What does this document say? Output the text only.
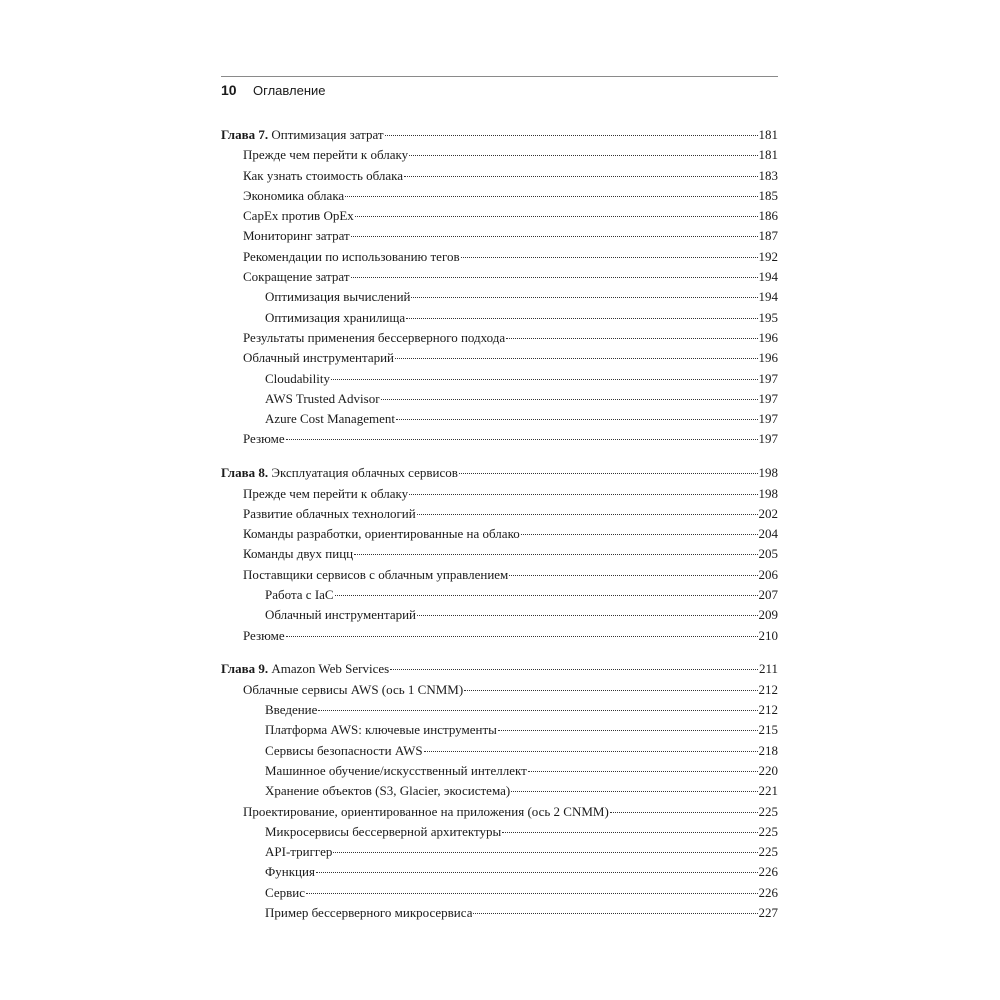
10 Оглавление
Глава 7. Оптимизация затрат	181
Прежде чем перейти к облаку	181
Как узнать стоимость облака	183
Экономика облака	185
CapEx против OpEx	186
Мониторинг затрат	187
Рекомендации по использованию тегов	192
Сокращение затрат	194
Оптимизация вычислений	194
Оптимизация хранилища	195
Результаты применения бессерверного подхода	196
Облачный инструментарий	196
Cloudability	197
AWS Trusted Advisor	197
Azure Cost Management	197
Резюме	197
Глава 8. Эксплуатация облачных сервисов	198
Прежде чем перейти к облаку	198
Развитие облачных технологий	202
Команды разработки, ориентированные на облако	204
Команды двух пицц	205
Поставщики сервисов с облачным управлением	206
Работа с IaC	207
Облачный инструментарий	209
Резюме	210
Глава 9. Amazon Web Services	211
Облачные сервисы AWS (ось 1 CNMM)	212
Введение	212
Платформа AWS: ключевые инструменты	215
Сервисы безопасности AWS	218
Машинное обучение/искусственный интеллект	220
Хранение объектов (S3, Glacier, экосистема)	221
Проектирование, ориентированное на приложения (ось 2 CNMM)	225
Микросервисы бессерверной архитектуры	225
API-триггер	225
Функция	226
Сервис	226
Пример бессерверного микросервиса	227
